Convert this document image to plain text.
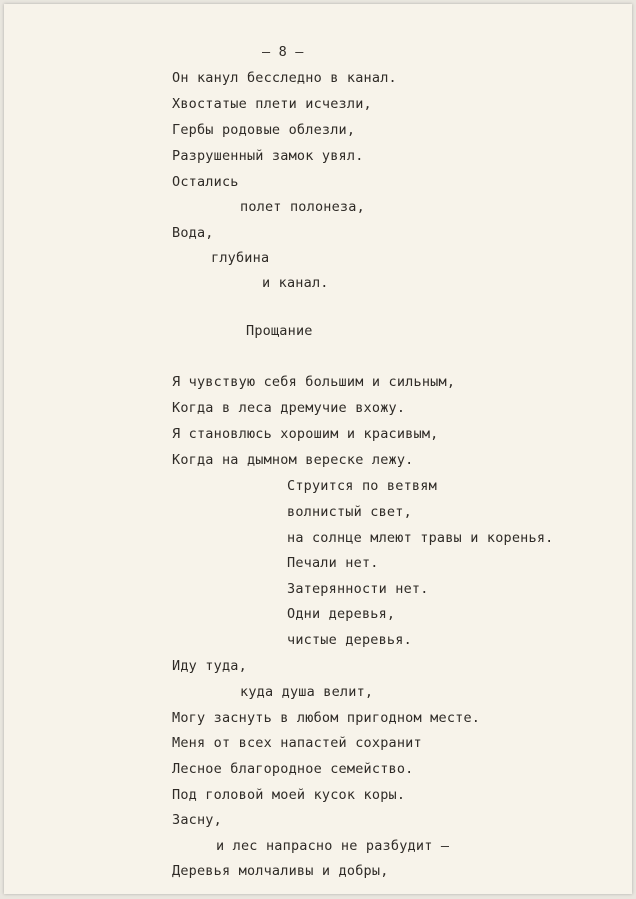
— 8 —
Он канул бесследно в канал.
Хвостатые плети исчезли,
Гербы родовые облезли,
Разрушенный замок увял.
Остались
полет полонеза,
Вода,
глубина
и канал.
Прощание
Я чувствую себя большим и сильным,
Когда в леса дремучие вхожу.
Я становлюсь хорошим и красивым,
Когда на дымном вереске лежу.
Струится по ветвям
волнистый свет,
на солнце млеют травы и коренья.
Печали нет.
Затерянности нет.
Одни деревья,
чистые деревья.
Иду туда,
куда душа велит,
Могу заснуть в любом пригодном месте.
Меня от всех напастей сохранит
Лесное благородное семейство.
Под головой моей кусок коры.
Засну,
и лес напрасно не разбудит —
Деревья молчаливы и добры,
